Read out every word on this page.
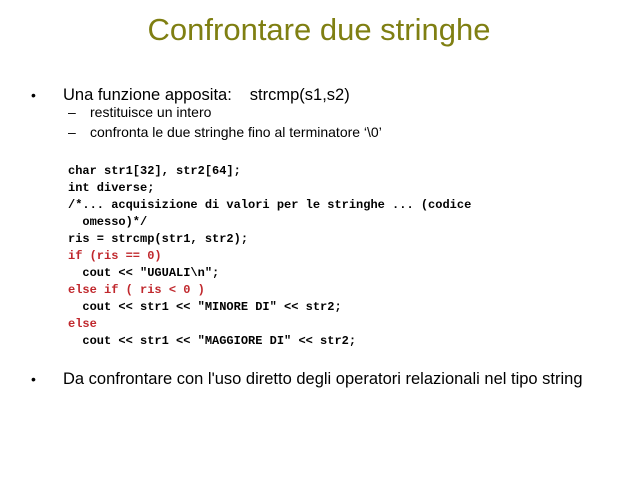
Confrontare due stringhe
• Una funzione apposita: strcmp(s1,s2)
– restituisce un intero
– confronta le due stringhe fino al terminatore ‘\0’
char str1[32], str2[64];
int diverse;
/*... acquisizione di valori per le stringhe ... (codice
omesso)*/
ris = strcmp(str1, str2);
if (ris == 0)
cout << "UGUALI\n";
else if ( ris < 0 )
cout << str1 << "MINORE DI" << str2;
else
cout << str1 << "MAGGIORE DI" << str2;
• Da confrontare con l'uso diretto degli operatori relazionali nel tipo string
